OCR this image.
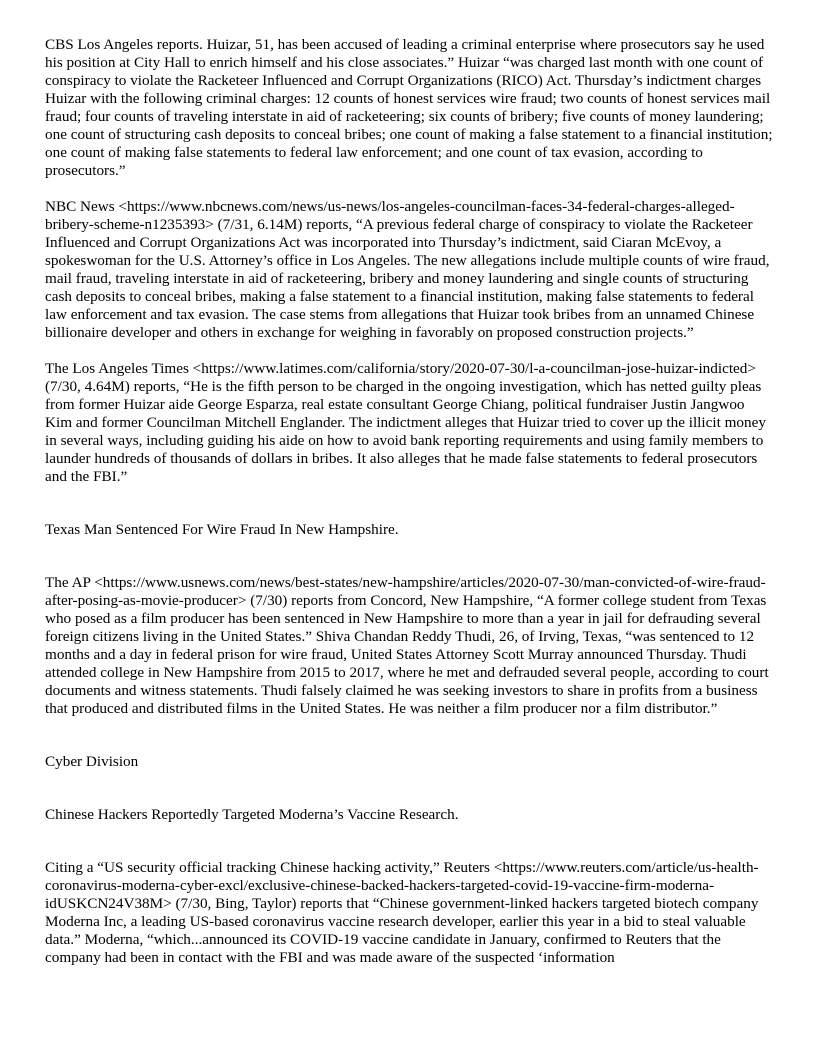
CBS Los Angeles reports. Huizar, 51, has been accused of leading a criminal enterprise where prosecutors say he used his position at City Hall to enrich himself and his close associates.” Huizar “was charged last month with one count of conspiracy to violate the Racketeer Influenced and Corrupt Organizations (RICO) Act. Thursday’s indictment charges Huizar with the following criminal charges: 12 counts of honest services wire fraud; two counts of honest services mail fraud; four counts of traveling interstate in aid of racketeering; six counts of bribery; five counts of money laundering; one count of structuring cash deposits to conceal bribes; one count of making a false statement to a financial institution; one count of making false statements to federal law enforcement; and one count of tax evasion, according to prosecutors.”

NBC News <https://www.nbcnews.com/news/us-news/los-angeles-councilman-faces-34-federal-charges-alleged-bribery-scheme-n1235393> (7/31, 6.14M) reports, “A previous federal charge of conspiracy to violate the Racketeer Influenced and Corrupt Organizations Act was incorporated into Thursday’s indictment, said Ciaran McEvoy, a spokeswoman for the U.S. Attorney’s office in Los Angeles. The new allegations include multiple counts of wire fraud, mail fraud, traveling interstate in aid of racketeering, bribery and money laundering and single counts of structuring cash deposits to conceal bribes, making a false statement to a financial institution, making false statements to federal law enforcement and tax evasion. The case stems from allegations that Huizar took bribes from an unnamed Chinese billionaire developer and others in exchange for weighing in favorably on proposed construction projects.”

The Los Angeles Times <https://www.latimes.com/california/story/2020-07-30/l-a-councilman-jose-huizar-indicted> (7/30, 4.64M) reports, “He is the fifth person to be charged in the ongoing investigation, which has netted guilty pleas from former Huizar aide George Esparza, real estate consultant George Chiang, political fundraiser Justin Jangwoo Kim and former Councilman Mitchell Englander. The indictment alleges that Huizar tried to cover up the illicit money in several ways, including guiding his aide on how to avoid bank reporting requirements and using family members to launder hundreds of thousands of dollars in bribes. It also alleges that he made false statements to federal prosecutors and the FBI.”

Texas Man Sentenced For Wire Fraud In New Hampshire.

The AP <https://www.usnews.com/news/best-states/new-hampshire/articles/2020-07-30/man-convicted-of-wire-fraud-after-posing-as-movie-producer> (7/30) reports from Concord, New Hampshire, “A former college student from Texas who posed as a film producer has been sentenced in New Hampshire to more than a year in jail for defrauding several foreign citizens living in the United States.” Shiva Chandan Reddy Thudi, 26, of Irving, Texas, “was sentenced to 12 months and a day in federal prison for wire fraud, United States Attorney Scott Murray announced Thursday. Thudi attended college in New Hampshire from 2015 to 2017, where he met and defrauded several people, according to court documents and witness statements. Thudi falsely claimed he was seeking investors to share in profits from a business that produced and distributed films in the United States. He was neither a film producer nor a film distributor.”

Cyber Division

Chinese Hackers Reportedly Targeted Moderna’s Vaccine Research.

Citing a “US security official tracking Chinese hacking activity,” Reuters <https://www.reuters.com/article/us-health-coronavirus-moderna-cyber-excl/exclusive-chinese-backed-hackers-targeted-covid-19-vaccine-firm-moderna-idUSKCN24V38M> (7/30, Bing, Taylor) reports that “Chinese government-linked hackers targeted biotech company Moderna Inc, a leading US-based coronavirus vaccine research developer, earlier this year in a bid to steal valuable data.” Moderna, “which...announced its COVID-19 vaccine candidate in January, confirmed to Reuters that the company had been in contact with the FBI and was made aware of the suspected ‘information
